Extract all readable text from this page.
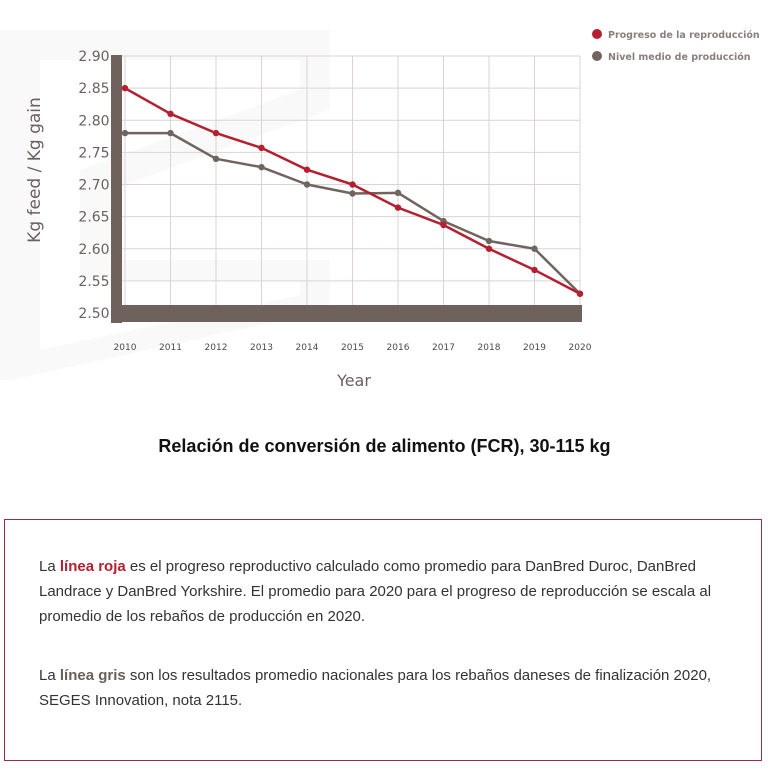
2.90
2.85
2.80
2.75
2.70
2.65
2.60
2.55
2.50
2010	2011	2012	2013	2014	2015	2016	2017	2018	2019	2020
Kg feed / Kg gain
Year
Progreso de la reproducción
Nivel medio de producción
Relación de conversión de alimento (FCR), 30-115 kg

La línea roja es el progreso reproductivo calculado como promedio para DanBred Duroc, DanBred Landrace y DanBred Yorkshire. El promedio para 2020 para el progreso de reproducción se escala al promedio de los rebaños de producción en 2020.

La línea gris son los resultados promedio nacionales para los rebaños daneses de finalización 2020, SEGES Innovation, nota 2115.
